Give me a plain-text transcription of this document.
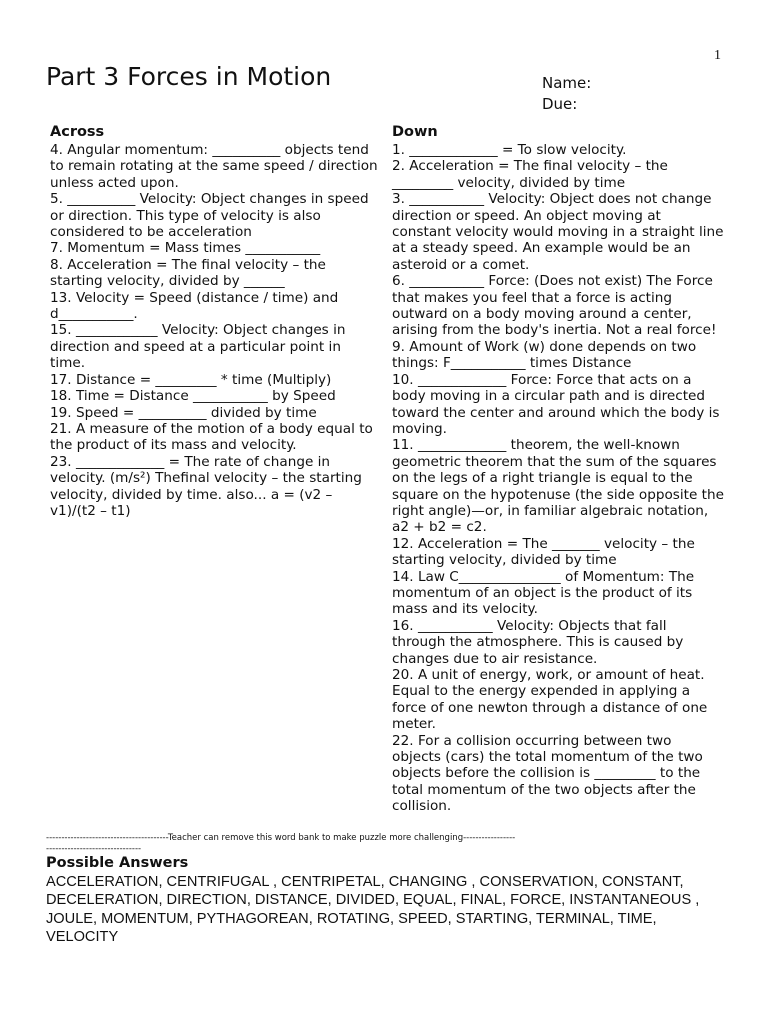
1
Part 3 Forces in Motion	Name:
Due:
Across

4. Angular momentum: __________ objects tend to remain rotating at the same speed / direction unless acted upon.

5. __________ Velocity: Object changes in speed or direction. This type of velocity is also considered to be acceleration

7. Momentum = Mass times ___________

8. Acceleration = The final velocity – the starting velocity, divided by ______

13. Velocity = Speed (distance / time) and d___________.

15. ____________ Velocity: Object changes in direction and speed at a particular point in time.

17. Distance = _________ * time (Multiply)

18. Time = Distance ___________ by Speed

19. Speed = __________ divided by time

21. A measure of the motion of a body equal to the product of its mass and velocity.

23. _____________ = The rate of change in velocity. (m/s²) Thefinal velocity – the starting velocity, divided by time. also... a = (v2 – v1)/(t2 – t1)

Down

1. _____________ = To slow velocity.

2. Acceleration = The final velocity – the _________ velocity, divided by time

3. ___________ Velocity: Object does not change direction or speed. An object moving at constant velocity would moving in a straight line at a steady speed. An example would be an asteroid or a comet.

6. ___________ Force: (Does not exist) The Force that makes you feel that a force is acting outward on a body moving around a center, arising from the body's inertia. Not a real force!

9. Amount of Work (w) done depends on two things: F___________ times Distance

10. _____________ Force: Force that acts on a body moving in a circular path and is directed toward the center and around which the body is moving.

11. _____________ theorem, the well-known geometric theorem that the sum of the squares on the legs of a right triangle is equal to the square on the hypotenuse (the side opposite the right angle)—or, in familiar algebraic notation, a2 + b2 = c2.

12. Acceleration = The _______ velocity – the starting velocity, divided by time

14. Law C_______________ of Momentum: The momentum of an object is the product of its mass and its velocity.

16. ___________ Velocity: Objects that fall through the atmosphere. This is caused by changes due to air resistance.

20. A unit of energy, work, or amount of heat. Equal to the energy expended in applying a force of one newton through a distance of one meter.

22. For a collision occurring between two objects (cars) the total momentum of the two objects before the collision is _________ to the total momentum of the two objects after the collision.

----------------------------------------Teacher can remove this word bank to make puzzle more challenging------------------------------------------------
Possible Answers

ACCELERATION, CENTRIFUGAL , CENTRIPETAL, CHANGING , CONSERVATION, CONSTANT, DECELERATION, DIRECTION, DISTANCE, DIVIDED, EQUAL, FINAL, FORCE, INSTANTANEOUS , JOULE, MOMENTUM, PYTHAGOREAN, ROTATING, SPEED, STARTING, TERMINAL, TIME, VELOCITY
